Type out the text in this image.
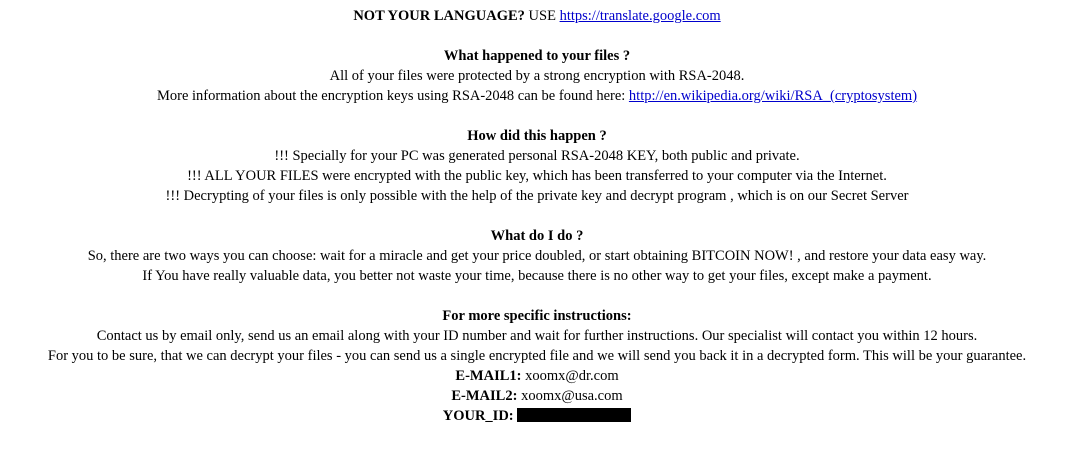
NOT YOUR LANGUAGE? USE https://translate.google.com
What happened to your files ?
All of your files were protected by a strong encryption with RSA-2048.
More information about the encryption keys using RSA-2048 can be found here: http://en.wikipedia.org/wiki/RSA_(cryptosystem)
How did this happen ?
!!! Specially for your PC was generated personal RSA-2048 KEY, both public and private.
!!! ALL YOUR FILES were encrypted with the public key, which has been transferred to your computer via the Internet.
!!! Decrypting of your files is only possible with the help of the private key and decrypt program , which is on our Secret Server
What do I do ?
So, there are two ways you can choose: wait for a miracle and get your price doubled, or start obtaining BITCOIN NOW! , and restore your data easy way.
If You have really valuable data, you better not waste your time, because there is no other way to get your files, except make a payment.
For more specific instructions:
Contact us by email only, send us an email along with your ID number and wait for further instructions. Our specialist will contact you within 12 hours.
For you to be sure, that we can decrypt your files - you can send us a single encrypted file and we will send you back it in a decrypted form. This will be your guarantee.
E-MAIL1: xoomx@dr.com
E-MAIL2: xoomx@usa.com
YOUR_ID:
